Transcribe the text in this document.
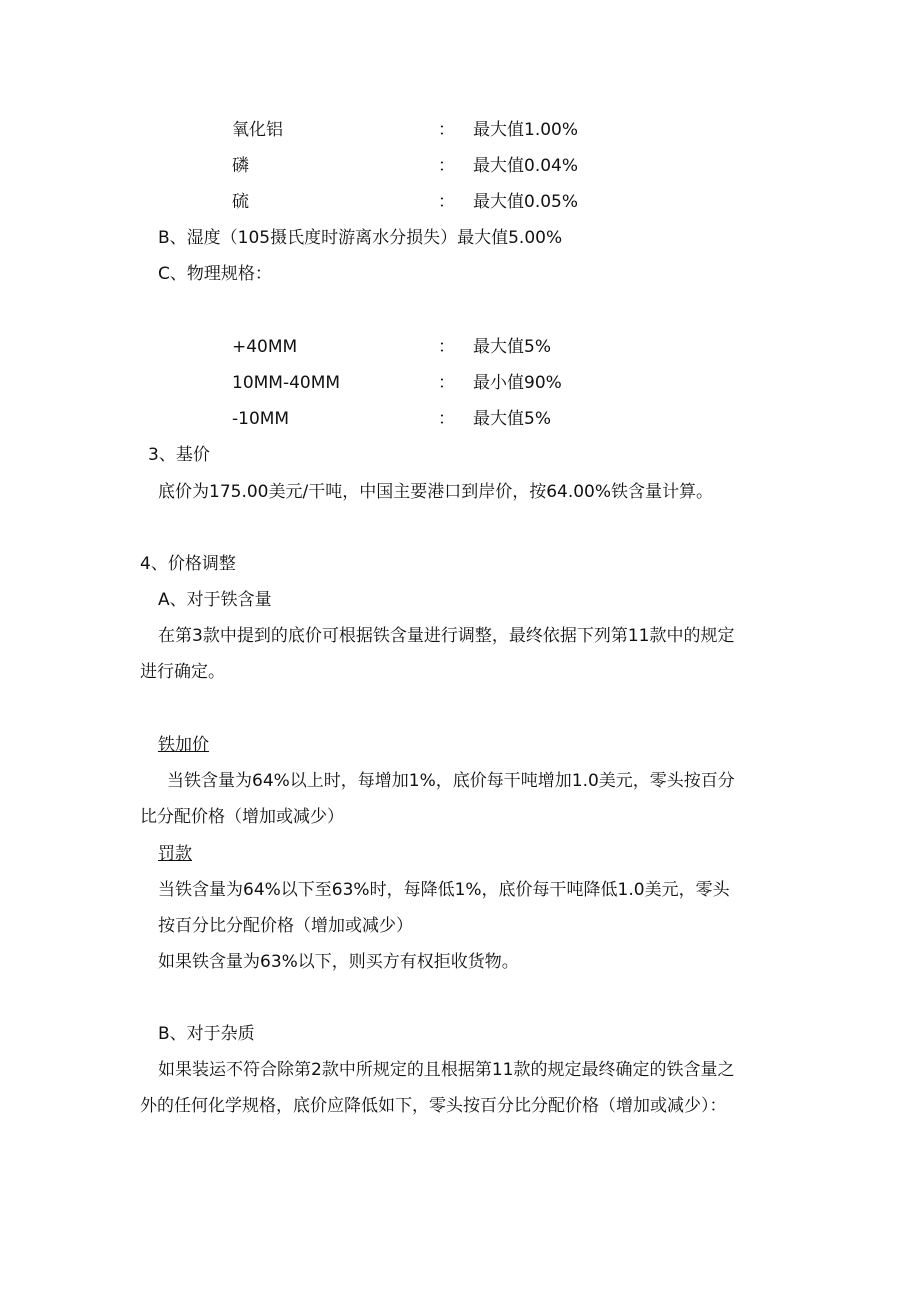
氧化铝	： 最大值1.00%
磷	： 最大值0.04%
硫	： 最大值0.05%
B、湿度（105摄氏度时游离水分损失）最大值5.00%
C、物理规格：
+40MM	： 最大值5%
10MM-40MM	： 最小值90%
-10MM	： 最大值5%
3、基价
底价为175.00美元/干吨，中国主要港口到岸价，按64.00%铁含量计算。
4、价格调整
A、对于铁含量
在第3款中提到的底价可根据铁含量进行调整，最终依据下列第11款中的规定
进行确定。
铁加价
当铁含量为64%以上时，每增加1%，底价每干吨增加1.0美元，零头按百分
比分配价格（增加或减少）
罚款
当铁含量为64%以下至63%时，每降低1%，底价每干吨降低1.0美元，零头
按百分比分配价格（增加或减少）
如果铁含量为63%以下，则买方有权拒收货物。
B、对于杂质
如果装运不符合除第2款中所规定的且根据第11款的规定最终确定的铁含量之
外的任何化学规格，底价应降低如下，零头按百分比分配价格（增加或减少）：
